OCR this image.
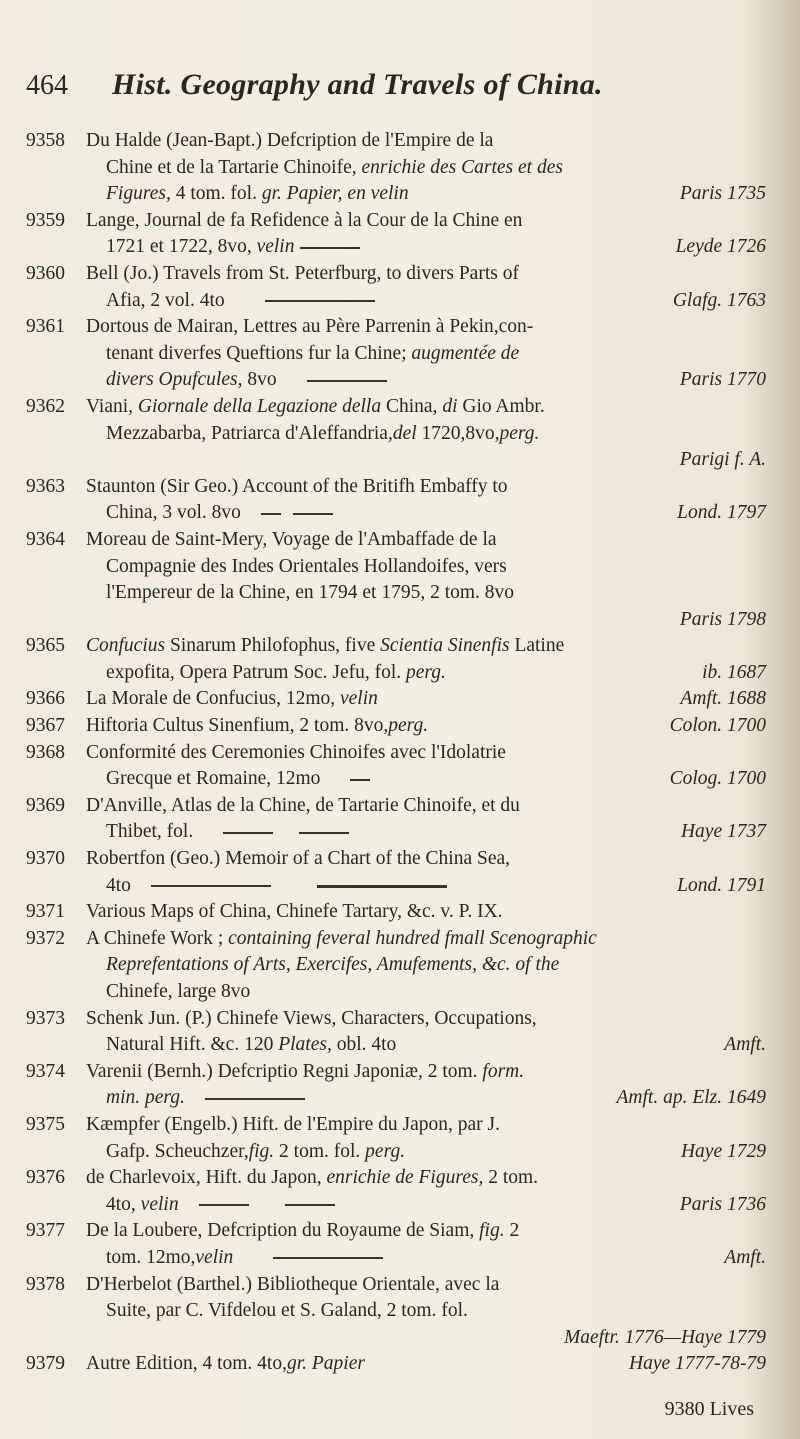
464 Hist. Geography and Travels of China.
9358	Du Halde (Jean-Bapt.) Defcription de l'Empire de la
Chine et de la Tartarie Chinoife, enrichie des Cartes et des
Figures, 4 tom. fol. gr. Papier, en velin	Paris 1735
9359	Lange, Journal de fa Refidence à la Cour de la Chine en
1721 et 1722, 8vo, velin	Leyde 1726
9360	Bell (Jo.) Travels from St. Peterfburg, to divers Parts of
Afia, 2 vol. 4to	Glafg. 1763
9361	Dortous de Mairan, Lettres au Père Parrenin à Pekin,con-
tenant diverfes Queftions fur la Chine; augmentée de
divers Opufcules, 8vo	Paris 1770
9362	Viani, Giornale della Legazione della China, di Gio Ambr.
Mezzabarba, Patriarca d'Aleffandria,del 1720,8vo,perg.
Parigi f. A.
9363	Staunton (Sir Geo.) Account of the Britifh Embaffy to
China, 3 vol. 8vo	Lond. 1797
9364	Moreau de Saint-Mery, Voyage de l'Ambaffade de la
Compagnie des Indes Orientales Hollandoifes, vers
l'Empereur de la Chine, en 1794 et 1795, 2 tom. 8vo
Paris 1798
9365	Confucius Sinarum Philofophus, five Scientia Sinenfis Latine
expofita, Opera Patrum Soc. Jefu, fol. perg.	ib. 1687
9366	La Morale de Confucius, 12mo, velin	Amft. 1688
9367	Hiftoria Cultus Sinenfium, 2 tom. 8vo,perg.	Colon. 1700
9368	Conformité des Ceremonies Chinoifes avec l'Idolatrie
Grecque et Romaine, 12mo	Colog. 1700
9369	D'Anville, Atlas de la Chine, de Tartarie Chinoife, et du
Thibet, fol.	Haye 1737
9370	Robertfon (Geo.) Memoir of a Chart of the China Sea,
4to	Lond. 1791
9371	Various Maps of China, Chinefe Tartary, &c. v. P. IX.
9372	A Chinefe Work ; containing feveral hundred fmall Scenographic
Reprefentations of Arts, Exercifes, Amufements, &c. of the
Chinefe, large 8vo
9373	Schenk Jun. (P.) Chinefe Views, Characters, Occupations,
Natural Hift. &c. 120 Plates, obl. 4to	Amft.
9374	Varenii (Bernh.) Defcriptio Regni Japoniæ, 2 tom. form.
min. perg.	Amft. ap. Elz. 1649
9375	Kæmpfer (Engelb.) Hift. de l'Empire du Japon, par J.
Gafp. Scheuchzer,fig. 2 tom. fol. perg.	Haye 1729
9376	de Charlevoix, Hift. du Japon, enrichie de Figures, 2 tom.
4to, velin	Paris 1736
9377	De la Loubere, Defcription du Royaume de Siam, fig. 2
tom. 12mo,velin	Amft.
9378	D'Herbelot (Barthel.) Bibliotheque Orientale, avec la
Suite, par C. Vifdelou et S. Galand, 2 tom. fol.
Maeftr. 1776—Haye 1779
9379	Autre Edition, 4 tom. 4to,gr. Papier	Haye 1777-78-79
9380 Lives
